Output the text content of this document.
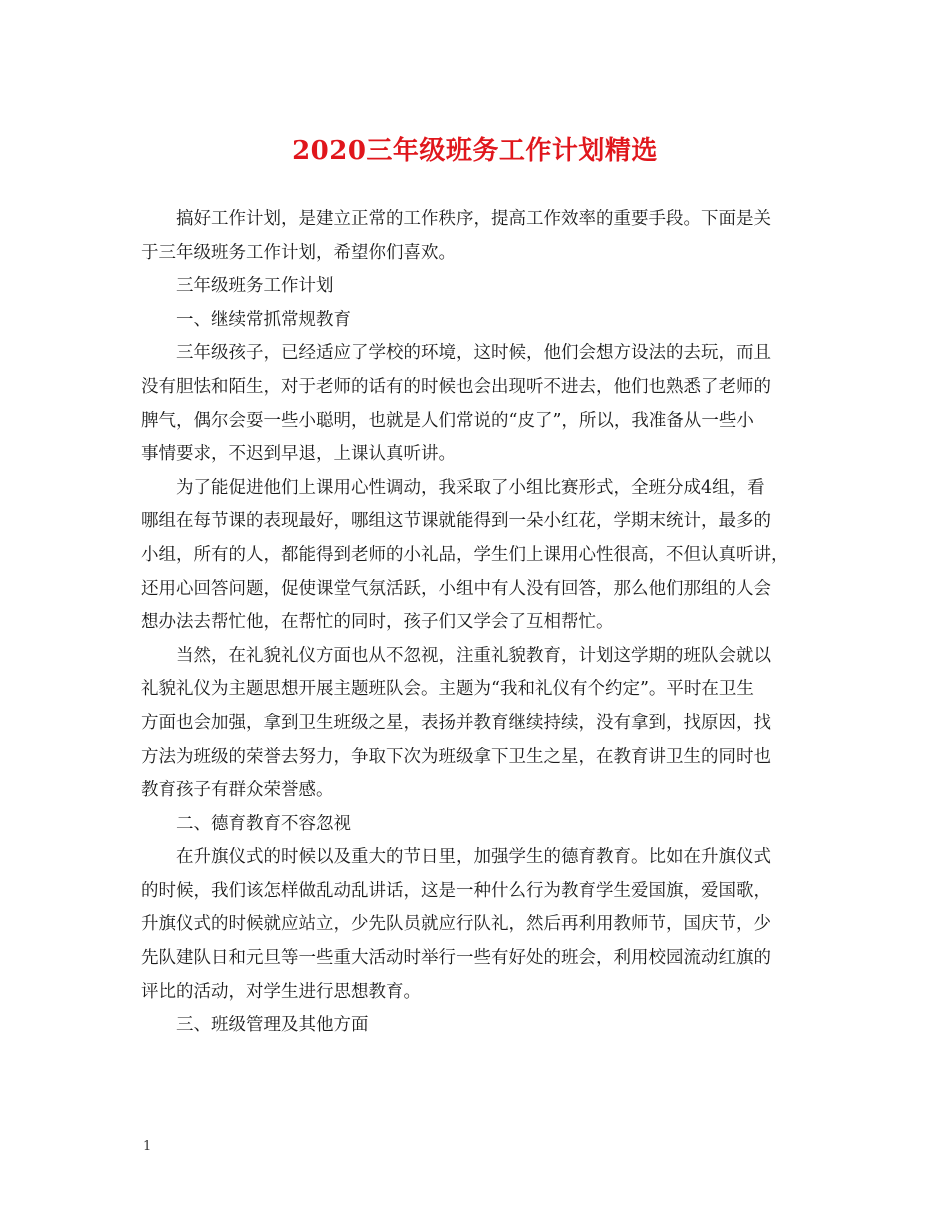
2020三年级班务工作计划精选
搞好工作计划，是建立正常的工作秩序，提高工作效率的重要手段。下面是关
于三年级班务工作计划，希望你们喜欢。
三年级班务工作计划
一、继续常抓常规教育
三年级孩子，已经适应了学校的环境，这时候，他们会想方设法的去玩，而且
没有胆怯和陌生，对于老师的话有的时候也会出现听不进去，他们也熟悉了老师的
脾气，偶尔会耍一些小聪明，也就是人们常说的“皮了”，所以，我准备从一些小
事情要求，不迟到早退，上课认真听讲。
为了能促进他们上课用心性调动，我采取了小组比赛形式，全班分成4组，看
哪组在每节课的表现最好，哪组这节课就能得到一朵小红花，学期末统计，最多的
小组，所有的人，都能得到老师的小礼品，学生们上课用心性很高，不但认真听讲，
还用心回答问题，促使课堂气氛活跃，小组中有人没有回答，那么他们那组的人会
想办法去帮忙他，在帮忙的同时，孩子们又学会了互相帮忙。
当然，在礼貌礼仪方面也从不忽视，注重礼貌教育，计划这学期的班队会就以
礼貌礼仪为主题思想开展主题班队会。主题为“我和礼仪有个约定”。平时在卫生
方面也会加强，拿到卫生班级之星，表扬并教育继续持续，没有拿到，找原因，找
方法为班级的荣誉去努力，争取下次为班级拿下卫生之星，在教育讲卫生的同时也
教育孩子有群众荣誉感。
二、德育教育不容忽视
在升旗仪式的时候以及重大的节日里，加强学生的德育教育。比如在升旗仪式
的时候，我们该怎样做乱动乱讲话，这是一种什么行为教育学生爱国旗，爱国歌，
升旗仪式的时候就应站立，少先队员就应行队礼，然后再利用教师节，国庆节，少
先队建队日和元旦等一些重大活动时举行一些有好处的班会，利用校园流动红旗的
评比的活动，对学生进行思想教育。
三、班级管理及其他方面
1
